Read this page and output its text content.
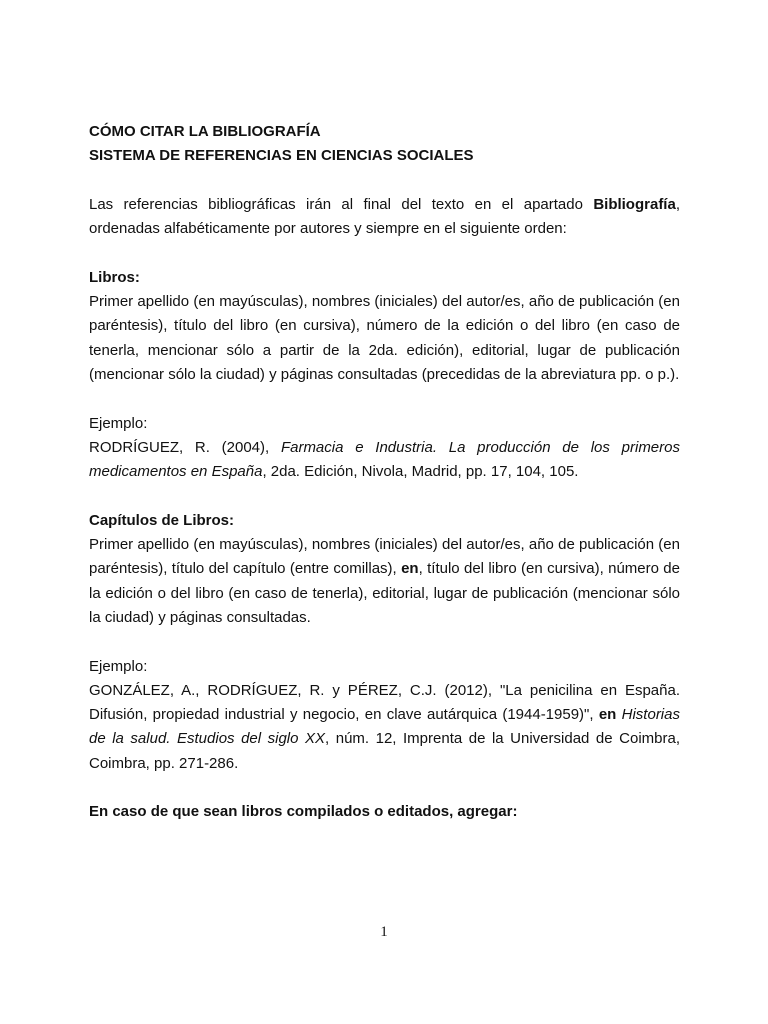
CÓMO CITAR LA BIBLIOGRAFÍA

SISTEMA DE REFERENCIAS EN CIENCIAS SOCIALES

Las referencias bibliográficas irán al final del texto en el apartado Bibliografía, ordenadas alfabéticamente por autores y siempre en el siguiente orden:

Libros:

Primer apellido (en mayúsculas), nombres (iniciales) del autor/es, año de publicación (en paréntesis), título del libro (en cursiva), número de la edición o del libro (en caso de tenerla, mencionar sólo a partir de la 2da. edición), editorial, lugar de publicación (mencionar sólo la ciudad) y páginas consultadas (precedidas de la abreviatura pp. o p.).

Ejemplo:

RODRÍGUEZ, R. (2004), Farmacia e Industria. La producción de los primeros medicamentos en España, 2da. Edición, Nivola, Madrid, pp. 17, 104, 105.

Capítulos de Libros:

Primer apellido (en mayúsculas), nombres (iniciales) del autor/es, año de publicación (en paréntesis), título del capítulo (entre comillas), en, título del libro (en cursiva), número de la edición o del libro (en caso de tenerla), editorial, lugar de publicación (mencionar sólo la ciudad) y páginas consultadas.

Ejemplo:

GONZÁLEZ, A., RODRÍGUEZ, R. y PÉREZ, C.J. (2012), "La penicilina en España. Difusión, propiedad industrial y negocio, en clave autárquica (1944-1959)", en Historias de la salud. Estudios del siglo XX, núm. 12, Imprenta de la Universidad de Coimbra, Coimbra, pp. 271-286.

En caso de que sean libros compilados o editados, agregar:

1
